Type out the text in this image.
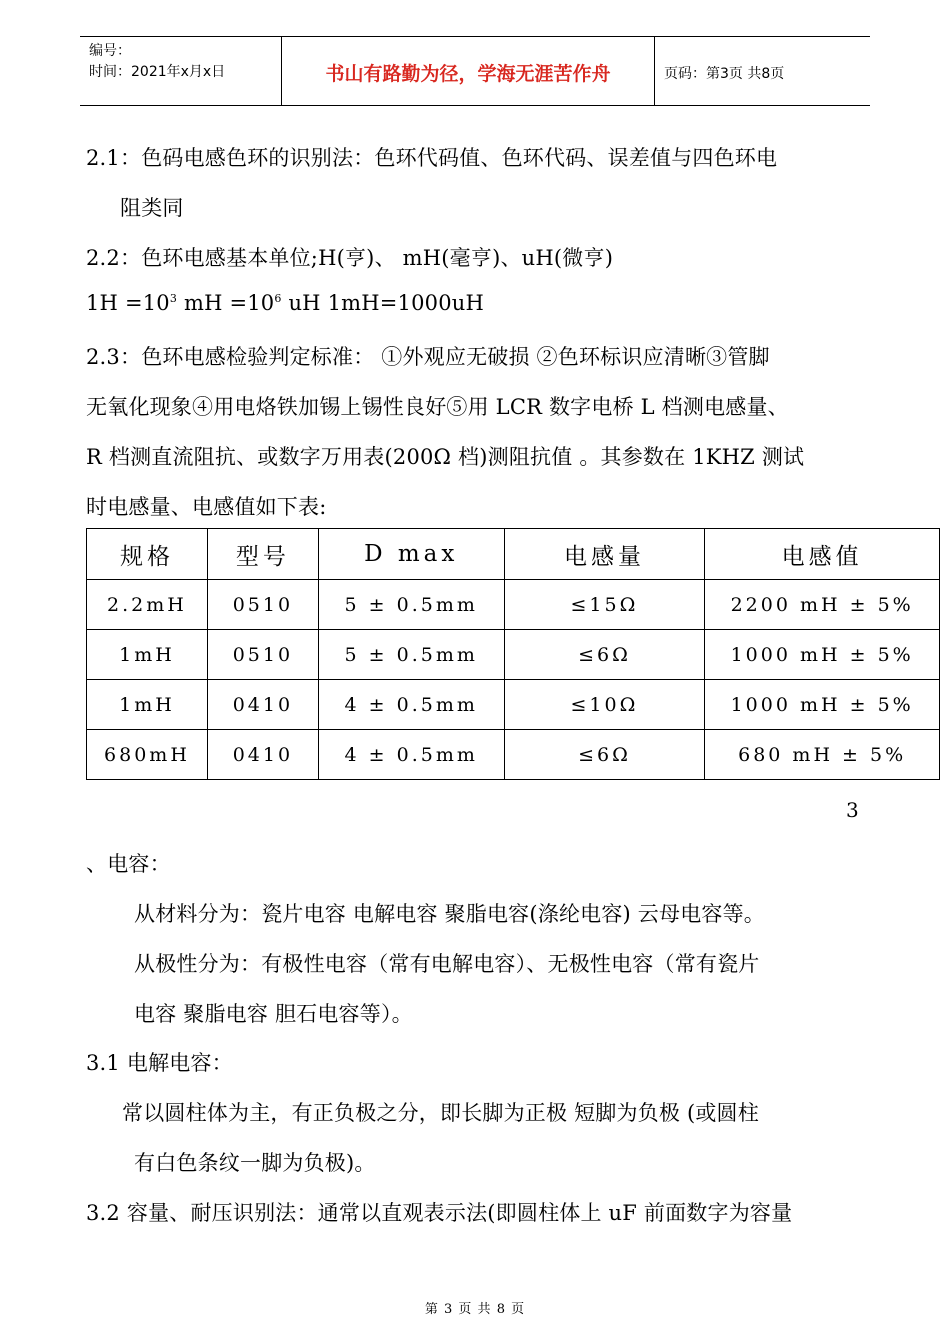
编号：
时间：2021年x月x日	书山有路勤为径，学海无涯苦作舟	页码：第3页 共8页
2.1：色码电感色环的识别法：色环代码值、色环代码、误差值与四色环电
阻类同
2.2：色环电感基本单位;H(亨)、 mH(毫亨)、uH(微亨)
$1H =10^3$ mH $=10^6$ uH 1mH=1000uH
2.3：色环电感检验判定标准： ①外观应无破损 ②色环标识应清晰③管脚
无氧化现象④用电烙铁加锡上锡性良好⑤用 LCR 数字电桥 L 档测电感量、
R 档测直流阻抗、或数字万用表(200Ω 档)测阻抗值 。其参数在 1KHZ 测试
时电感量、电感值如下表:
规格	型号	D max	电感量	电感值
2.2mH	0510	5 ± 0.5mm	≤15Ω	2200 mH ± 5%
1mH	0510	5 ± 0.5mm	≤6Ω	1000 mH ± 5%
1mH	0410	4 ± 0.5mm	≤10Ω	1000 mH ± 5%
680mH	0410	4 ± 0.5mm	≤6Ω	680 mH ± 5%
3
、电容：
从材料分为：瓷片电容 电解电容 聚脂电容(涤纶电容) 云母电容等。
从极性分为：有极性电容（常有电解电容）、无极性电容（常有瓷片
电容 聚脂电容 胆石电容等）。
3.1 电解电容：
常以圆柱体为主，有正负极之分，即长脚为正极 短脚为负极 (或圆柱
有白色条纹一脚为负极)。
3.2 容量、耐压识别法：通常以直观表示法(即圆柱体上 uF 前面数字为容量
第 3 页 共 8 页
